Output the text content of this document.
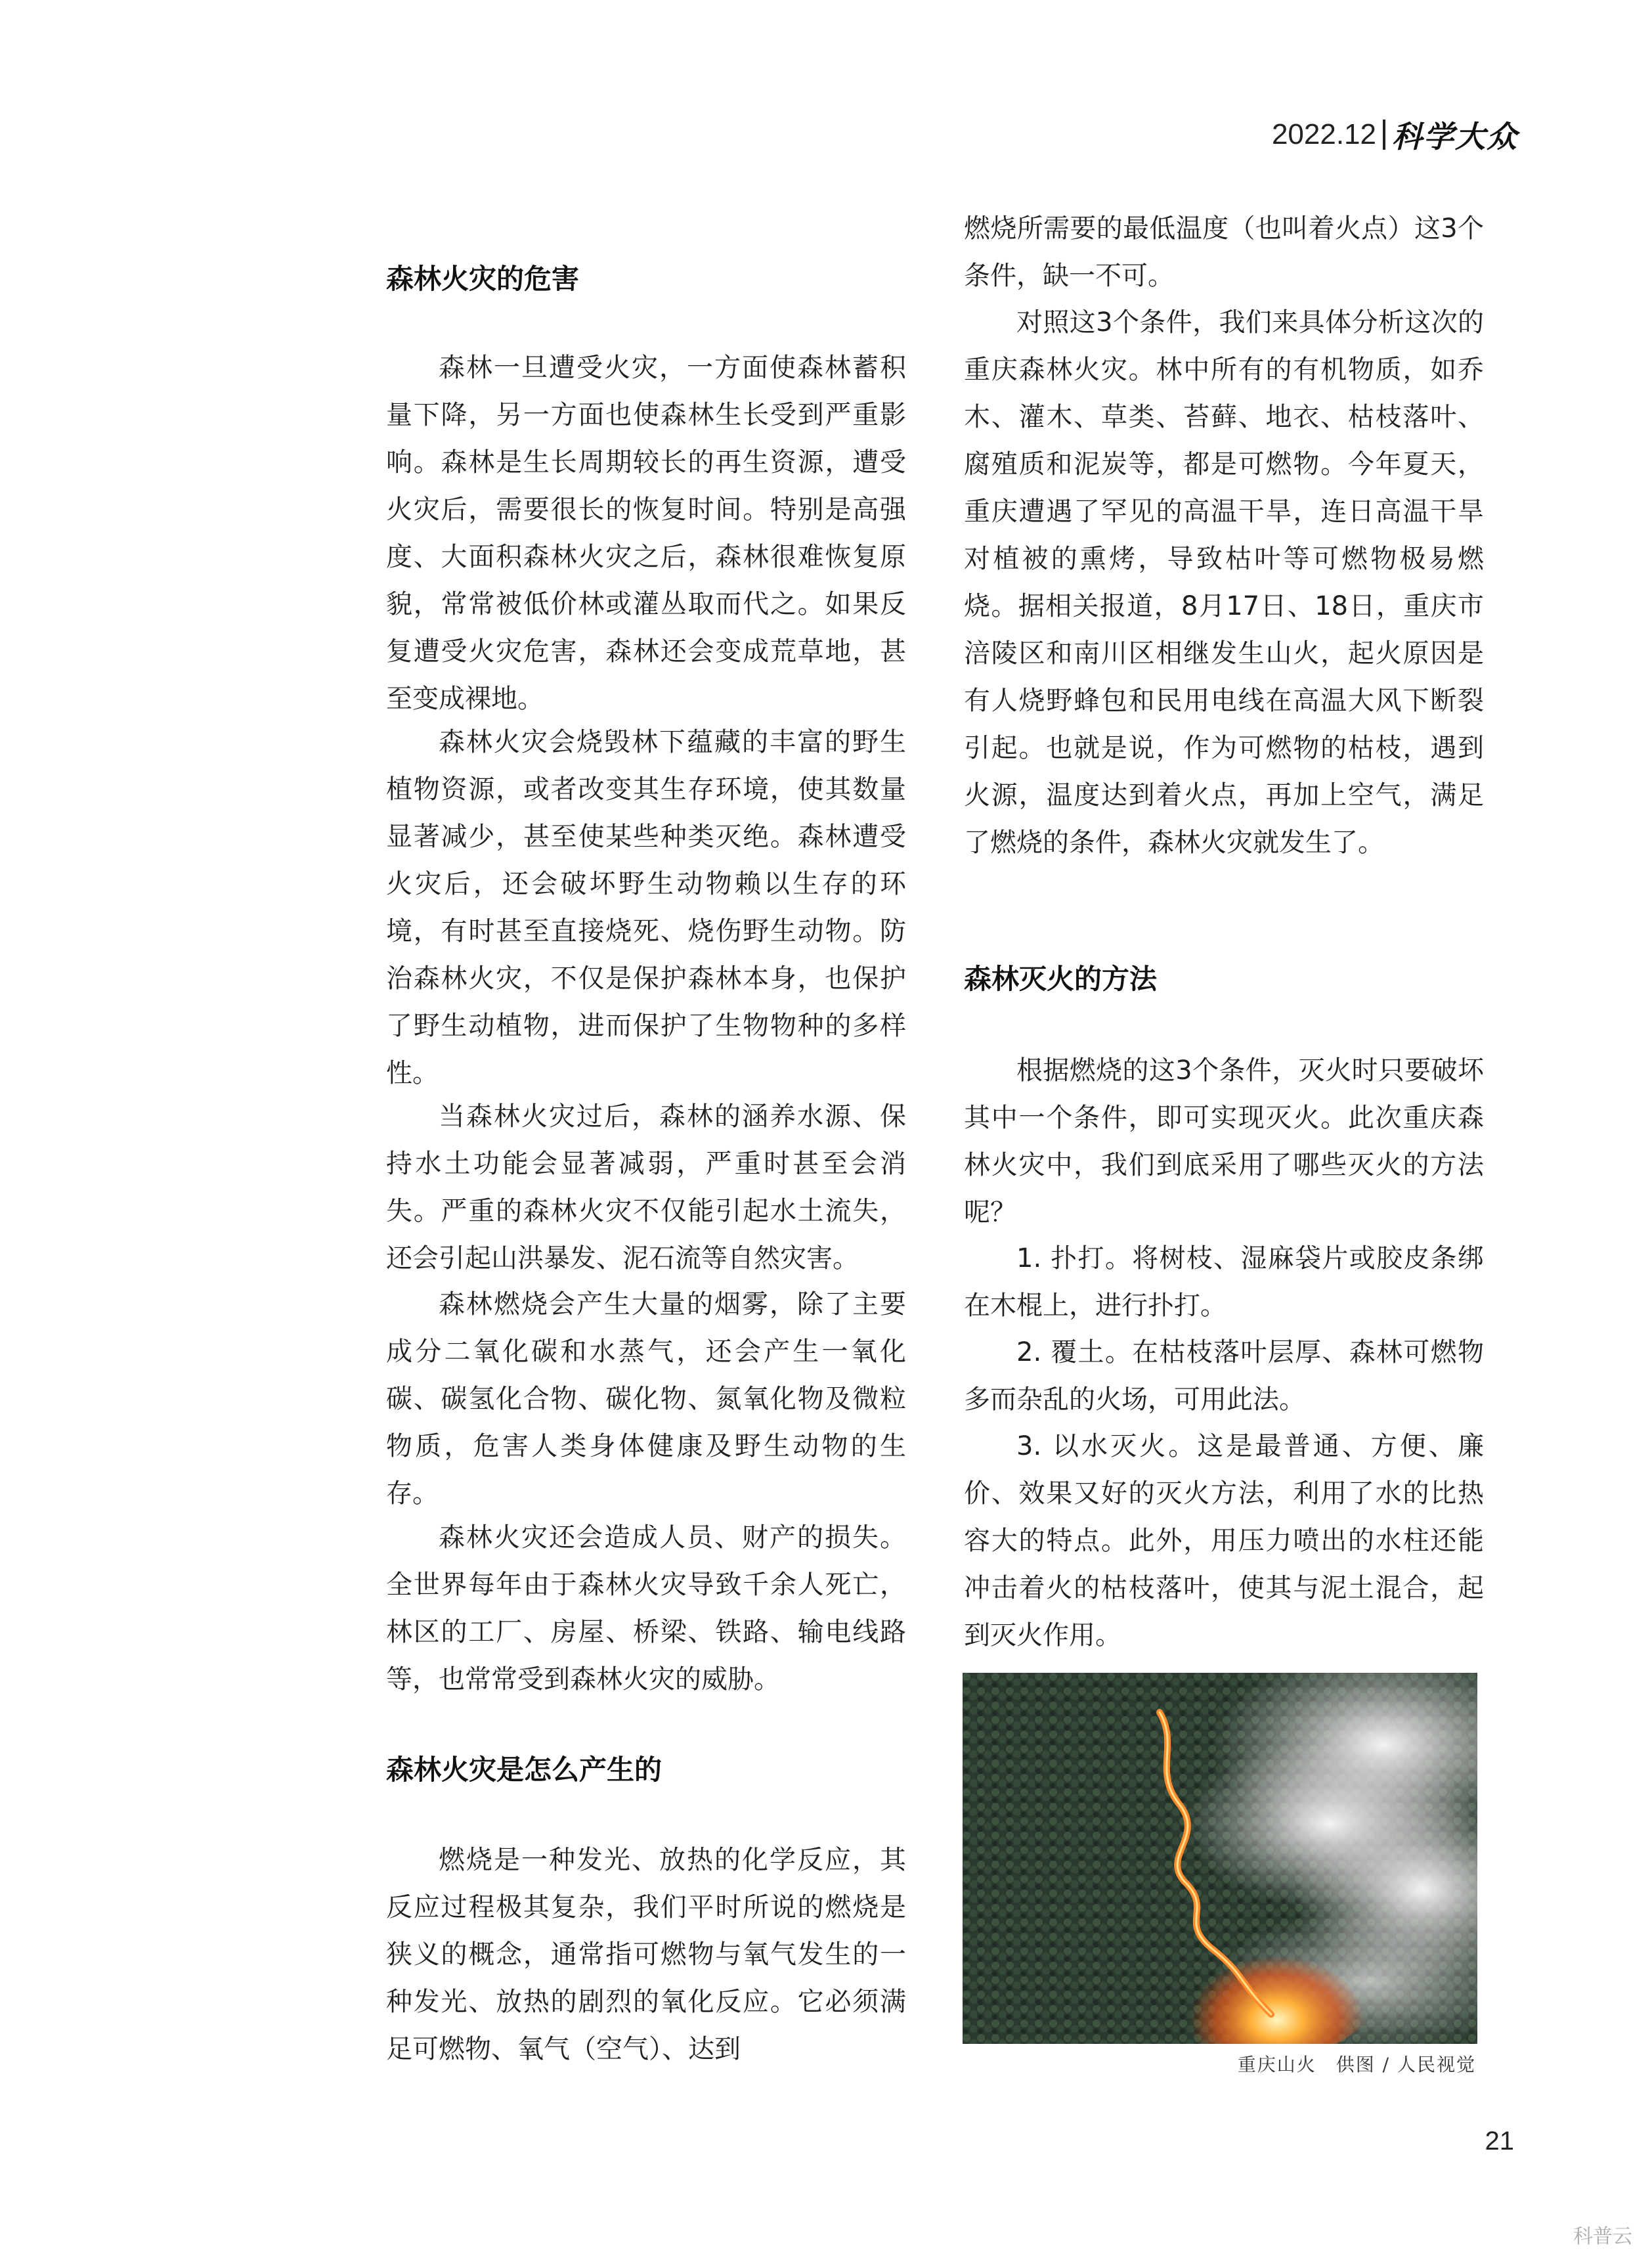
2022.12 科学大众
森林火灾的危害

森林一旦遭受火灾，一方面使森林蓄积量下降，另一方面也使森林生长受到严重影响。森林是生长周期较长的再生资源，遭受火灾后，需要很长的恢复时间。特别是高强度、大面积森林火灾之后，森林很难恢复原貌，常常被低价林或灌丛取而代之。如果反复遭受火灾危害，森林还会变成荒草地，甚至变成裸地。

森林火灾会烧毁林下蕴藏的丰富的野生植物资源，或者改变其生存环境，使其数量显著减少，甚至使某些种类灭绝。森林遭受火灾后，还会破坏野生动物赖以生存的环境，有时甚至直接烧死、烧伤野生动物。防治森林火灾，不仅是保护森林本身，也保护了野生动植物，进而保护了生物物种的多样性。

当森林火灾过后，森林的涵养水源、保持水土功能会显著减弱，严重时甚至会消失。严重的森林火灾不仅能引起水土流失，还会引起山洪暴发、泥石流等自然灾害。

森林燃烧会产生大量的烟雾，除了主要成分二氧化碳和水蒸气，还会产生一氧化碳、碳氢化合物、碳化物、氮氧化物及微粒物质，危害人类身体健康及野生动物的生存。

森林火灾还会造成人员、财产的损失。全世界每年由于森林火灾导致千余人死亡，林区的工厂、房屋、桥梁、铁路、输电线路等，也常常受到森林火灾的威胁。

森林火灾是怎么产生的

燃烧是一种发光、放热的化学反应，其反应过程极其复杂，我们平时所说的燃烧是狭义的概念，通常指可燃物与氧气发生的一种发光、放热的剧烈的氧化反应。它必须满足可燃物、氧气（空气）、达到

燃烧所需要的最低温度（也叫着火点）这3个条件，缺一不可。

对照这3个条件，我们来具体分析这次的重庆森林火灾。林中所有的有机物质，如乔木、灌木、草类、苔藓、地衣、枯枝落叶、腐殖质和泥炭等，都是可燃物。今年夏天，重庆遭遇了罕见的高温干旱，连日高温干旱对植被的熏烤，导致枯叶等可燃物极易燃烧。据相关报道，8月17日、18日，重庆市涪陵区和南川区相继发生山火，起火原因是有人烧野蜂包和民用电线在高温大风下断裂引起。也就是说，作为可燃物的枯枝，遇到火源，温度达到着火点，再加上空气，满足了燃烧的条件，森林火灾就发生了。

森林灭火的方法

根据燃烧的这3个条件，灭火时只要破坏其中一个条件，即可实现灭火。此次重庆森林火灾中，我们到底采用了哪些灭火的方法呢？

1. 扑打。将树枝、湿麻袋片或胶皮条绑在木棍上，进行扑打。

2. 覆土。在枯枝落叶层厚、森林可燃物多而杂乱的火场，可用此法。

3. 以水灭火。这是最普通、方便、廉价、效果又好的灭火方法，利用了水的比热容大的特点。此外，用压力喷出的水柱还能冲击着火的枯枝落叶，使其与泥土混合，起到灭火作用。

重庆山火　供图 / 人民视觉
21
科普云
